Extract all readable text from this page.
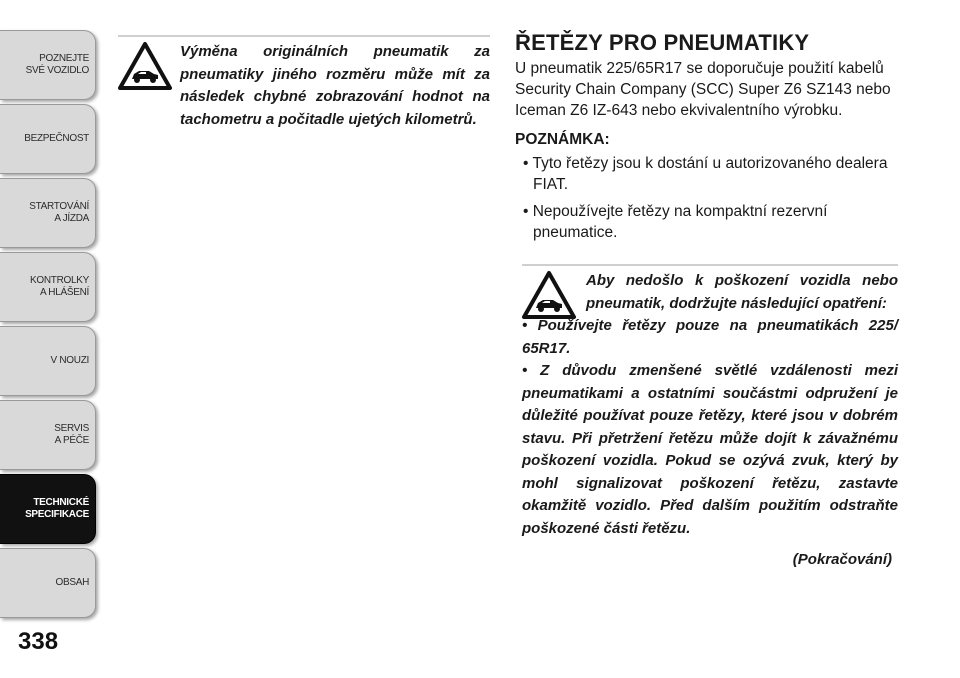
POZNEJTE
SVÉ VOZIDLO
BEZPEČNOST
STARTOVÁNÍ
A JÍZDA
KONTROLKY
A HLÁŠENÍ
V NOUZI
SERVIS
A PÉČE
TECHNICKÉ
SPECIFIKACE
OBSAH
338

Výměna originálních pneumatik za pneumatiky jiného rozměru může mít za následek chybné zobrazování hodnot na tachometru a počitadle ujetých kilometrů.

ŘETĚZY PRO PNEUMATIKY

U pneumatik 225/65R17 se doporučuje použití kabelů Security Chain Company (SCC) Super Z6 SZ143 nebo Iceman Z6 IZ-643 nebo ekvivalentního výrobku.

POZNÁMKA:
• Tyto řetězy jsou k dostání u autorizovaného dealera FIAT.
• Nepoužívejte řetězy na kompaktní rezervní pneumatice.

Aby nedošlo k poškození vozidla nebo pneumatik, dodržujte následující opatření:

• Používejte řetězy pouze na pneumatikách 225/ 65R17.

• Z důvodu zmenšené světlé vzdálenosti mezi pneumatikami a ostatními součástmi odpružení je důležité používat pouze řetězy, které jsou v dobrém stavu. Při přetržení řetězu může dojít k závažnému poškození vozidla. Pokud se ozývá zvuk, který by mohl signalizovat poškození řetězu, zastavte okamžitě vozidlo. Před dalším použitím odstraňte poškozené části řetězu.

(Pokračování)
